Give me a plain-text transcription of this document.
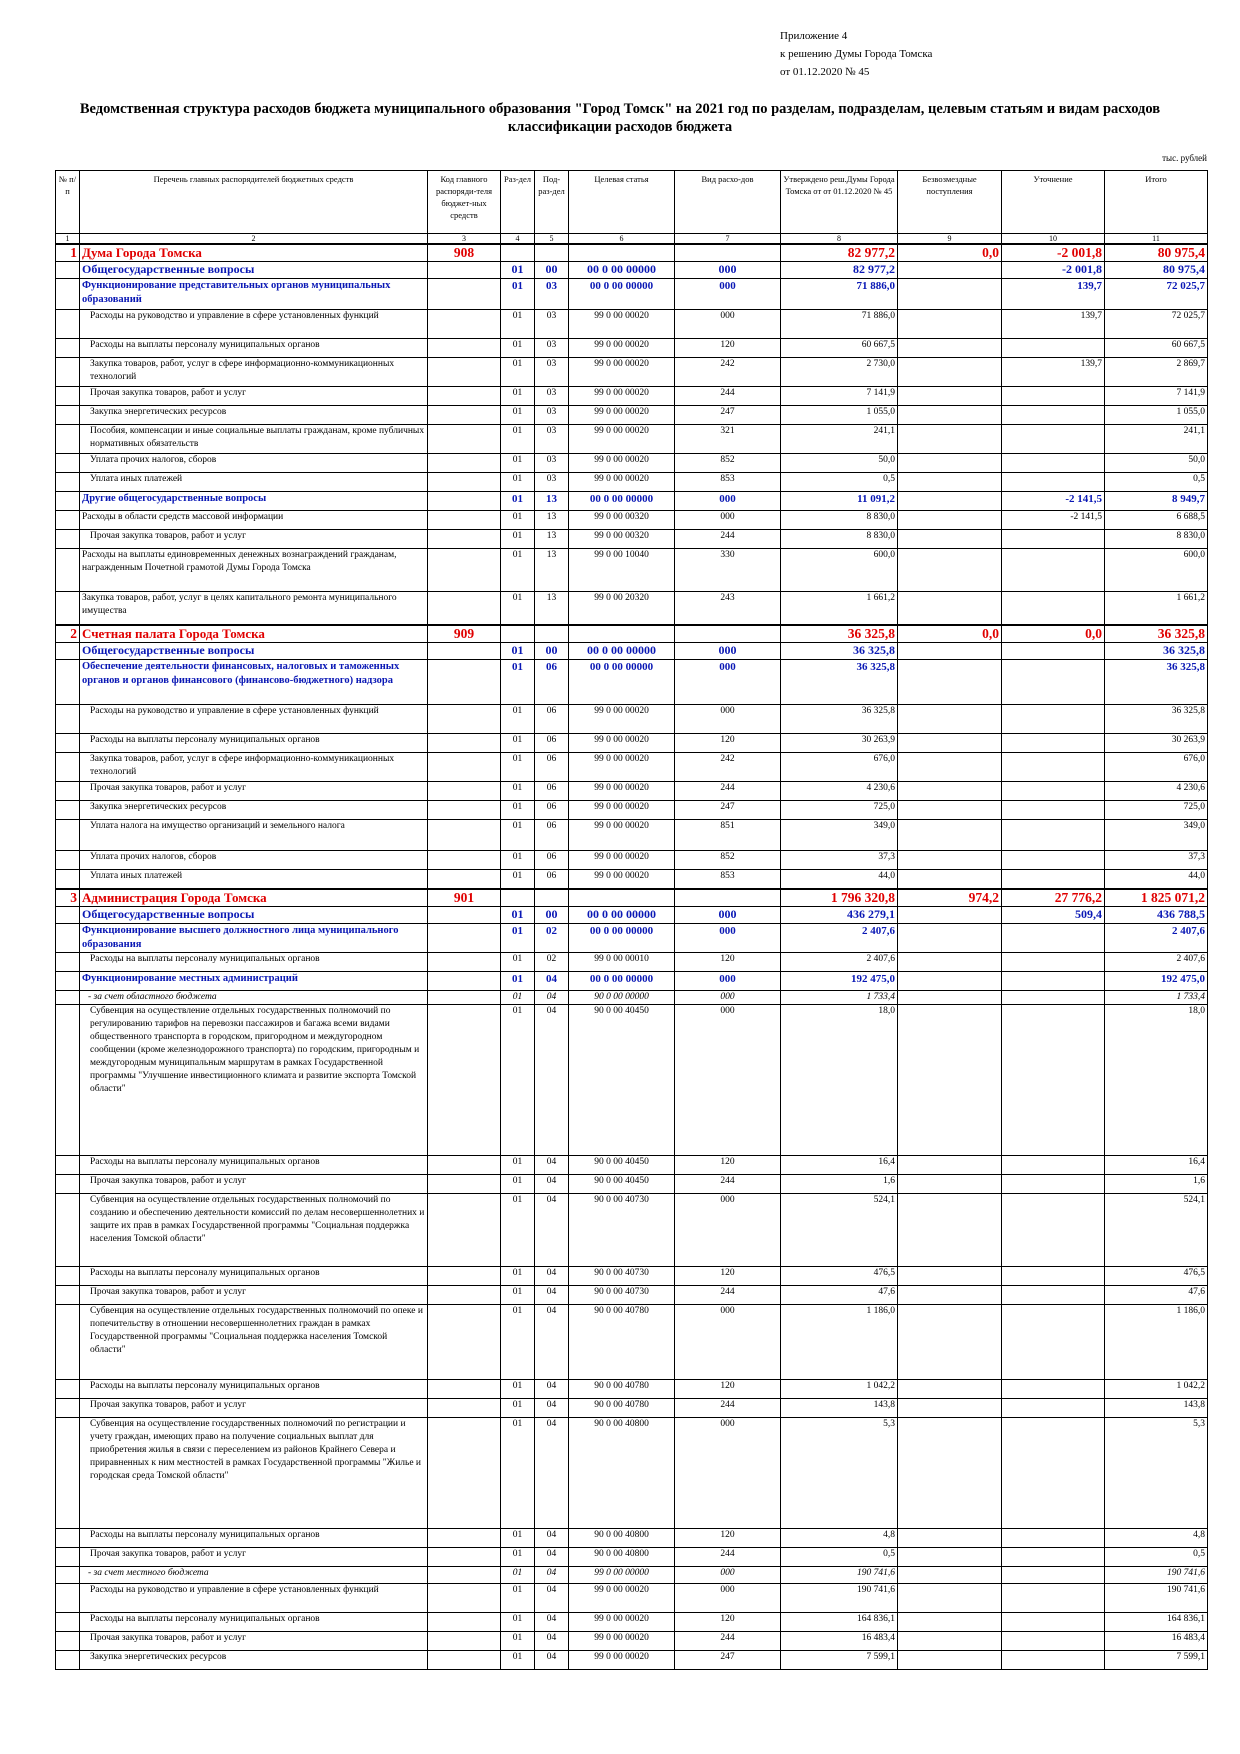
Приложение 4
к решению Думы Города Томска
от 01.12.2020 № 45
Ведомственная структура расходов бюджета муниципального образования "Город Томск" на 2021 год по разделам, подразделам, целевым статьям и видам расходов классификации расходов бюджета
тыс. рублей
№ п/п	Перечень главных распорядителей бюджетных средств	Код главного распоряди-теля бюджет-ных средств	Раз-дел	Под-раз-дел	Целевая статья	Вид расхо-дов	Утверждено реш.Думы Города Томска от от 01.12.2020 № 45	Безвозмездные поступления	Уточнение	Итого
1	2	3	4	5	6	7	8	9	10	11
1	Дума Города Томска	908					82 977,2	0,0	-2 001,8	80 975,4
	Общегосударственные вопросы		01	00	00 0 00 00000	000	82 977,2		-2 001,8	80 975,4
	Функционирование представительных органов муниципальных образований		01	03	00 0 00 00000	000	71 886,0		139,7	72 025,7
	Расходы на руководство и управление в сфере установленных функций		01	03	99 0 00 00020	000	71 886,0		139,7	72 025,7
	Расходы на выплаты персоналу муниципальных органов		01	03	99 0 00 00020	120	60 667,5			60 667,5
	Закупка товаров, работ, услуг в сфере информационно-коммуникационных технологий		01	03	99 0 00 00020	242	2 730,0		139,7	2 869,7
	Прочая закупка товаров, работ и услуг		01	03	99 0 00 00020	244	7 141,9			7 141,9
	Закупка энергетических ресурсов		01	03	99 0 00 00020	247	1 055,0			1 055,0
	Пособия, компенсации и иные социальные выплаты гражданам, кроме публичных нормативных обязательств		01	03	99 0 00 00020	321	241,1			241,1
	Уплата прочих налогов, сборов		01	03	99 0 00 00020	852	50,0			50,0
	Уплата иных платежей		01	03	99 0 00 00020	853	0,5			0,5
	Другие общегосударственные вопросы		01	13	00 0 00 00000	000	11 091,2		-2 141,5	8 949,7
	Расходы в области средств массовой информации		01	13	99 0 00 00320	000	8 830,0		-2 141,5	6 688,5
	Прочая закупка товаров, работ и услуг		01	13	99 0 00 00320	244	8 830,0			8 830,0
	Расходы на выплаты единовременных денежных вознаграждений гражданам, награжденным Почетной грамотой Думы Города Томска		01	13	99 0 00 10040	330	600,0			600,0
	Закупка товаров, работ, услуг в целях капитального ремонта муниципального имущества		01	13	99 0 00 20320	243	1 661,2			1 661,2
2	Счетная палата Города Томска	909					36 325,8	0,0	0,0	36 325,8
	Общегосударственные вопросы		01	00	00 0 00 00000	000	36 325,8			36 325,8
	Обеспечение деятельности финансовых, налоговых и таможенных органов и органов финансового (финансово-бюджетного) надзора		01	06	00 0 00 00000	000	36 325,8			36 325,8
	Расходы на руководство и управление в сфере установленных функций		01	06	99 0 00 00020	000	36 325,8			36 325,8
	Расходы на выплаты персоналу муниципальных органов		01	06	99 0 00 00020	120	30 263,9			30 263,9
	Закупка товаров, работ, услуг в сфере информационно-коммуникационных технологий		01	06	99 0 00 00020	242	676,0			676,0
	Прочая закупка товаров, работ и услуг		01	06	99 0 00 00020	244	4 230,6			4 230,6
	Закупка энергетических ресурсов		01	06	99 0 00 00020	247	725,0			725,0
	Уплата налога на имущество организаций и земельного налога		01	06	99 0 00 00020	851	349,0			349,0
	Уплата прочих налогов, сборов		01	06	99 0 00 00020	852	37,3			37,3
	Уплата иных платежей		01	06	99 0 00 00020	853	44,0			44,0
3	Администрация Города Томска	901					1 796 320,8	974,2	27 776,2	1 825 071,2
	Общегосударственные вопросы		01	00	00 0 00 00000	000	436 279,1		509,4	436 788,5
	Функционирование высшего должностного лица муниципального образования		01	02	00 0 00 00000	000	2 407,6			2 407,6
	Расходы на выплаты персоналу муниципальных органов		01	02	99 0 00 00010	120	2 407,6			2 407,6
	Функционирование местных администраций		01	04	00 0 00 00000	000	192 475,0			192 475,0
	- за счет областного бюджета		01	04	90 0 00 00000	000	1 733,4			1 733,4
	Субвенция на осуществление отдельных государственных полномочий по регулированию тарифов на перевозки пассажиров и багажа всеми видами общественного транспорта в городском, пригородном и междугородном сообщении (кроме железнодорожного транспорта) по городским, пригородным и междугородным муниципальным маршрутам в рамках Государственной программы "Улучшение инвестиционного климата и развитие экспорта Томской области"		01	04	90 0 00 40450	000	18,0			18,0
	Расходы на выплаты персоналу муниципальных органов		01	04	90 0 00 40450	120	16,4			16,4
	Прочая закупка товаров, работ и услуг		01	04	90 0 00 40450	244	1,6			1,6
	Субвенция на осуществление отдельных государственных полномочий по созданию и обеспечению деятельности комиссий по делам несовершеннолетних и защите их прав в рамках Государственной программы "Социальная поддержка населения Томской области"		01	04	90 0 00 40730	000	524,1			524,1
	Расходы на выплаты персоналу муниципальных органов		01	04	90 0 00 40730	120	476,5			476,5
	Прочая закупка товаров, работ и услуг		01	04	90 0 00 40730	244	47,6			47,6
	Субвенция на осуществление отдельных государственных полномочий по опеке и попечительству в отношении несовершеннолетних граждан в рамках Государственной программы "Социальная поддержка населения Томской области"		01	04	90 0 00 40780	000	1 186,0			1 186,0
	Расходы на выплаты персоналу муниципальных органов		01	04	90 0 00 40780	120	1 042,2			1 042,2
	Прочая закупка товаров, работ и услуг		01	04	90 0 00 40780	244	143,8			143,8
	Субвенция на осуществление государственных полномочий по регистрации и учету граждан, имеющих право на получение социальных выплат для приобретения жилья в связи с переселением из районов Крайнего Севера и приравненных к ним местностей в рамках Государственной программы "Жилье и городская среда Томской области"		01	04	90 0 00 40800	000	5,3			5,3
	Расходы на выплаты персоналу муниципальных органов		01	04	90 0 00 40800	120	4,8			4,8
	Прочая закупка товаров, работ и услуг		01	04	90 0 00 40800	244	0,5			0,5
	- за счет местного бюджета		01	04	99 0 00 00000	000	190 741,6			190 741,6
	Расходы на руководство и управление в сфере установленных функций		01	04	99 0 00 00020	000	190 741,6			190 741,6
	Расходы на выплаты персоналу муниципальных органов		01	04	99 0 00 00020	120	164 836,1			164 836,1
	Прочая закупка товаров, работ и услуг		01	04	99 0 00 00020	244	16 483,4			16 483,4
	Закупка энергетических ресурсов		01	04	99 0 00 00020	247	7 599,1			7 599,1
